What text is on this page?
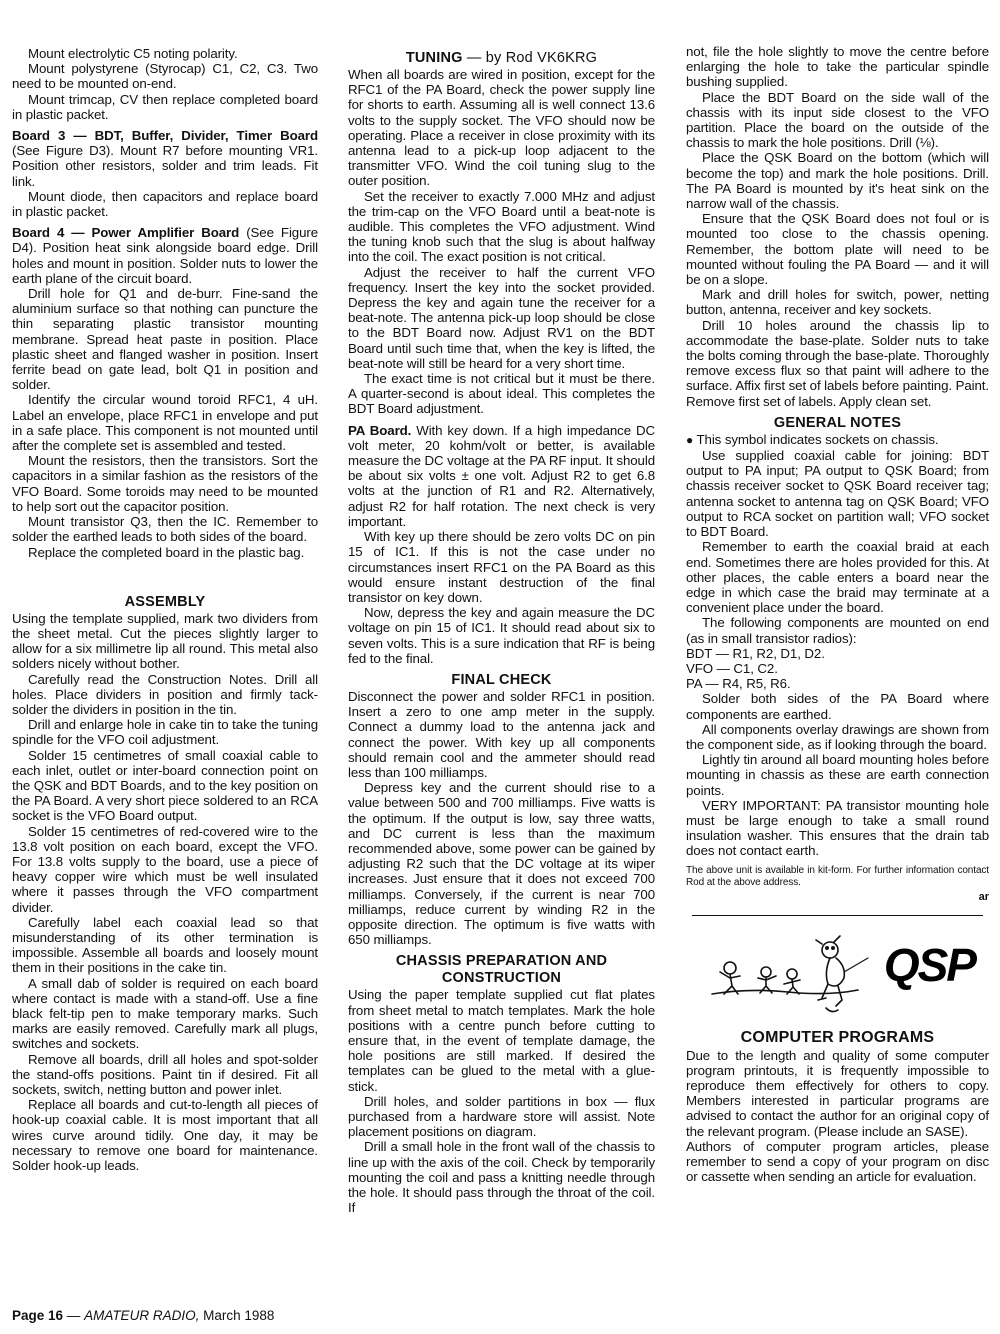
Mount electrolytic C5 noting polarity.

Mount polystyrene (Styrocap) C1, C2, C3. Two need to be mounted on-end.

Mount trimcap, CV then replace completed board in plastic packet.

Board 3 — BDT, Buffer, Divider, Timer Board (See Figure D3). Mount R7 before mounting VR1. Position other resistors, solder and trim leads. Fit link.

Mount diode, then capacitors and replace board in plastic packet.

Board 4 — Power Amplifier Board (See Figure D4). Position heat sink alongside board edge. Drill holes and mount in position. Solder nuts to lower the earth plane of the circuit board.

Drill hole for Q1 and de-burr. Fine-sand the aluminium surface so that nothing can puncture the thin separating plastic transistor mounting membrane. Spread heat paste in position. Place plastic sheet and flanged washer in position. Insert ferrite bead on gate lead, bolt Q1 in position and solder.

Identify the circular wound toroid RFC1, 4 uH. Label an envelope, place RFC1 in envelope and put in a safe place. This component is not mounted until after the complete set is assembled and tested.

Mount the resistors, then the transistors. Sort the capacitors in a similar fashion as the resistors of the VFO Board. Some toroids may need to be mounted to help sort out the capacitor position.

Mount transistor Q3, then the IC. Remember to solder the earthed leads to both sides of the board.

Replace the completed board in the plastic bag.

ASSEMBLY

Using the template supplied, mark two dividers from the sheet metal. Cut the pieces slightly larger to allow for a six millimetre lip all round. This metal also solders nicely without bother.

Carefully read the Construction Notes. Drill all holes. Place dividers in position and firmly tack-solder the dividers in position in the tin.

Drill and enlarge hole in cake tin to take the tuning spindle for the VFO coil adjustment.

Solder 15 centimetres of small coaxial cable to each inlet, outlet or inter-board connection point on the QSK and BDT Boards, and to the key position on the PA Board. A very short piece soldered to an RCA socket is the VFO Board output.

Solder 15 centimetres of red-covered wire to the 13.8 volt position on each board, except the VFO. For 13.8 volts supply to the board, use a piece of heavy copper wire which must be well insulated where it passes through the VFO compartment divider.

Carefully label each coaxial lead so that misunderstanding of its other termination is impossible. Assemble all boards and loosely mount them in their positions in the cake tin.

A small dab of solder is required on each board where contact is made with a stand-off. Use a fine black felt-tip pen to make temporary marks. Such marks are easily removed. Carefully mark all plugs, switches and sockets.

Remove all boards, drill all holes and spot-solder the stand-offs positions. Paint tin if desired. Fit all sockets, switch, netting button and power inlet.

Replace all boards and cut-to-length all pieces of hook-up coaxial cable. It is most important that all wires curve around tidily. One day, it may be necessary to remove one board for maintenance. Solder hook-up leads.

TUNING — by Rod VK6KRG

When all boards are wired in position, except for the RFC1 of the PA Board, check the power supply line for shorts to earth. Assuming all is well connect 13.6 volts to the supply socket. The VFO should now be operating. Place a receiver in close proximity with its antenna lead to a pick-up loop adjacent to the transmitter VFO. Wind the coil tuning slug to the outer position.

Set the receiver to exactly 7.000 MHz and adjust the trim-cap on the VFO Board until a beat-note is audible. This completes the VFO adjustment. Wind the tuning knob such that the slug is about halfway into the coil. The exact position is not critical.

Adjust the receiver to half the current VFO frequency. Insert the key into the socket provided. Depress the key and again tune the receiver for a beat-note. The antenna pick-up loop should be close to the BDT Board now. Adjust RV1 on the BDT Board until such time that, when the key is lifted, the beat-note will still be heard for a very short time.

The exact time is not critical but it must be there. A quarter-second is about ideal. This completes the BDT Board adjustment.

PA Board. With key down. If a high impedance DC volt meter, 20 kohm/volt or better, is available measure the DC voltage at the PA RF input. It should be about six volts ± one volt. Adjust R2 to get 6.8 volts at the junction of R1 and R2. Alternatively, adjust R2 for half rotation. The next check is very important.

With key up there should be zero volts DC on pin 15 of IC1. If this is not the case under no circumstances insert RFC1 on the PA Board as this would ensure instant destruction of the final transistor on key down.

Now, depress the key and again measure the DC voltage on pin 15 of IC1. It should read about six to seven volts. This is a sure indication that RF is being fed to the final.

FINAL CHECK

Disconnect the power and solder RFC1 in position. Insert a zero to one amp meter in the supply. Connect a dummy load to the antenna jack and connect the power. With key up all components should remain cool and the ammeter should read less than 100 milliamps.

Depress key and the current should rise to a value between 500 and 700 milliamps. Five watts is the optimum. If the output is low, say three watts, and DC current is less than the maximum recommended above, some power can be gained by adjusting R2 such that the DC voltage at its wiper increases. Just ensure that it does not exceed 700 milliamps. Conversely, if the current is near 700 milliamps, reduce current by winding R2 in the opposite direction. The optimum is five watts with 650 milliamps.

CHASSIS PREPARATION AND
CONSTRUCTION

Using the paper template supplied cut flat plates from sheet metal to match templates. Mark the hole positions with a centre punch before cutting to ensure that, in the event of template damage, the hole positions are still marked. If desired the templates can be glued to the metal with a glue-stick.

Drill holes, and solder partitions in box — flux purchased from a hardware store will assist. Note placement positions on diagram.

Drill a small hole in the front wall of the chassis to line up with the axis of the coil. Check by temporarily mounting the coil and pass a knitting needle through the hole. It should pass through the throat of the coil. If

not, file the hole slightly to move the centre before enlarging the hole to take the particular spindle bushing supplied.

Place the BDT Board on the side wall of the chassis with its input side closest to the VFO partition. Place the board on the outside of the chassis to mark the hole positions. Drill (⅛).

Place the QSK Board on the bottom (which will become the top) and mark the hole positions. Drill. The PA Board is mounted by it's heat sink on the narrow wall of the chassis.

Ensure that the QSK Board does not foul or is mounted too close to the chassis opening. Remember, the bottom plate will need to be mounted without fouling the PA Board — and it will be on a slope.

Mark and drill holes for switch, power, netting button, antenna, receiver and key sockets.

Drill 10 holes around the chassis lip to accommodate the base-plate. Solder nuts to take the bolts coming through the base-plate. Thoroughly remove excess flux so that paint will adhere to the surface. Affix first set of labels before painting. Paint. Remove first set of labels. Apply clean set.

GENERAL NOTES

● This symbol indicates sockets on chassis.

Use supplied coaxial cable for joining: BDT output to PA input; PA output to QSK Board; from chassis receiver socket to QSK Board receiver tag; antenna socket to antenna tag on QSK Board; VFO output to RCA socket on partition wall; VFO socket to BDT Board.

Remember to earth the coaxial braid at each end. Sometimes there are holes provided for this. At other places, the cable enters a board near the edge in which case the braid may terminate at a convenient place under the board.

The following components are mounted on end (as in small transistor radios):

BDT — R1, R2, D1, D2.

VFO — C1, C2.

PA — R4, R5, R6.

Solder both sides of the PA Board where components are earthed.

All components overlay drawings are shown from the component side, as if looking through the board.

Lightly tin around all board mounting holes before mounting in chassis as these are earth connection points.

VERY IMPORTANT: PA transistor mounting hole must be large enough to take a small round insulation washer. This ensures that the drain tab does not contact earth.

The above unit is available in kit-form. For further information contact Rod at the above address.

ar
QSP
COMPUTER PROGRAMS

Due to the length and quality of some computer program printouts, it is frequently impossible to reproduce them effectively for others to copy. Members interested in particular programs are advised to contact the author for an original copy of the relevant program. (Please include an SASE).

Authors of computer program articles, please remember to send a copy of your program on disc or cassette when sending an article for evaluation.

Page 16 — AMATEUR RADIO, March 1988
